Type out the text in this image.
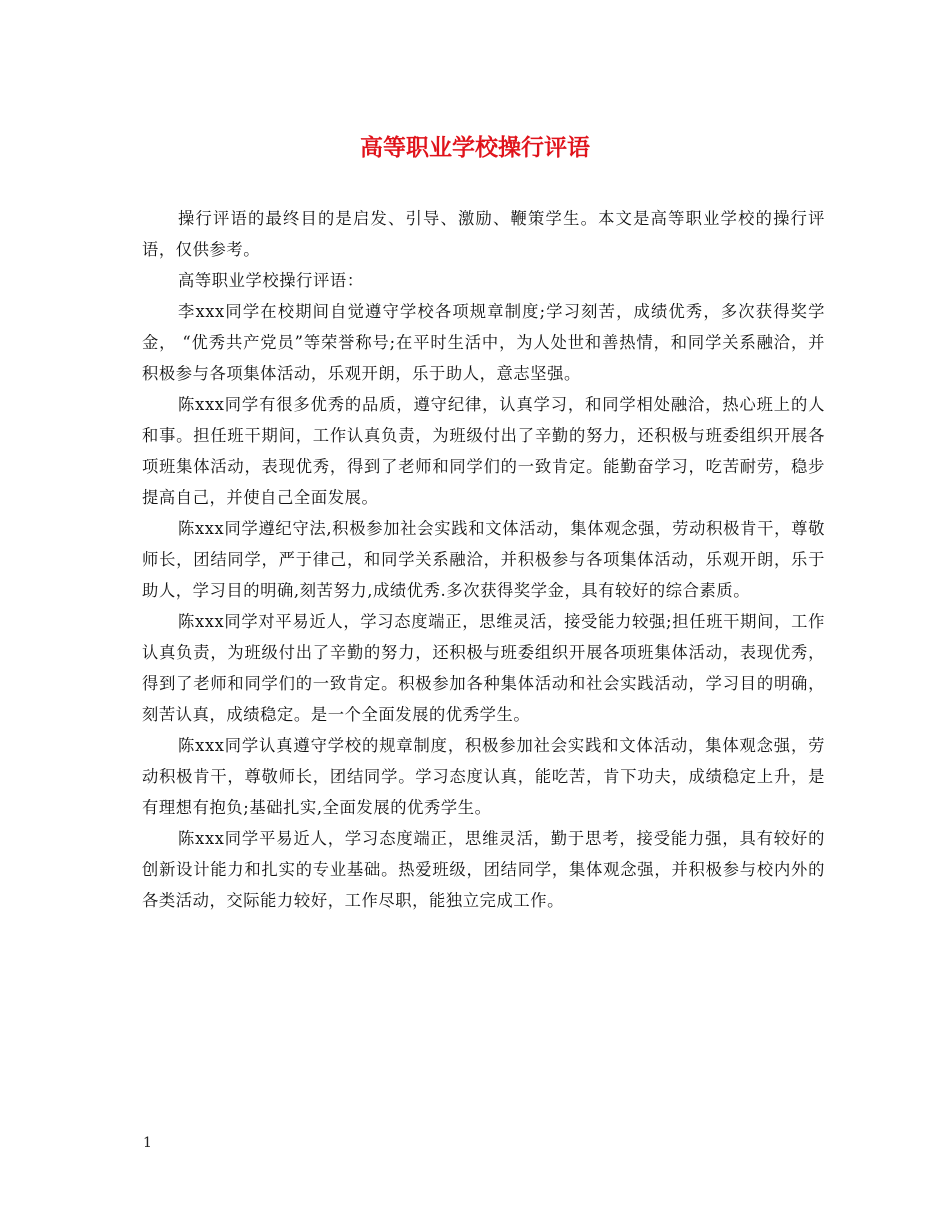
高等职业学校操行评语

操行评语的最终目的是启发、引导、激励、鞭策学生。本文是高等职业学校的操行评语，仅供参考。

高等职业学校操行评语：

李xxx同学在校期间自觉遵守学校各项规章制度;学习刻苦，成绩优秀，多次获得奖学金， “优秀共产党员”等荣誉称号;在平时生活中，为人处世和善热情，和同学关系融洽，并积极参与各项集体活动，乐观开朗，乐于助人，意志坚强。

陈xxx同学有很多优秀的品质，遵守纪律，认真学习，和同学相处融洽，热心班上的人和事。担任班干期间，工作认真负责，为班级付出了辛勤的努力，还积极与班委组织开展各项班集体活动，表现优秀，得到了老师和同学们的一致肯定。能勤奋学习，吃苦耐劳，稳步提高自己，并使自己全面发展。

陈xxx同学遵纪守法,积极参加社会实践和文体活动，集体观念强，劳动积极肯干，尊敬师长，团结同学，严于律己，和同学关系融洽，并积极参与各项集体活动，乐观开朗，乐于助人，学习目的明确,刻苦努力,成绩优秀.多次获得奖学金，具有较好的综合素质。

陈xxx同学对平易近人，学习态度端正，思维灵活，接受能力较强;担任班干期间，工作认真负责，为班级付出了辛勤的努力，还积极与班委组织开展各项班集体活动，表现优秀，得到了老师和同学们的一致肯定。积极参加各种集体活动和社会实践活动，学习目的明确，刻苦认真，成绩稳定。是一个全面发展的优秀学生。

陈xxx同学认真遵守学校的规章制度，积极参加社会实践和文体活动，集体观念强，劳动积极肯干，尊敬师长，团结同学。学习态度认真，能吃苦，肯下功夫，成绩稳定上升，是有理想有抱负;基础扎实,全面发展的优秀学生。

陈xxx同学平易近人，学习态度端正，思维灵活，勤于思考，接受能力强，具有较好的创新设计能力和扎实的专业基础。热爱班级，团结同学，集体观念强，并积极参与校内外的各类活动，交际能力较好，工作尽职，能独立完成工作。

1
